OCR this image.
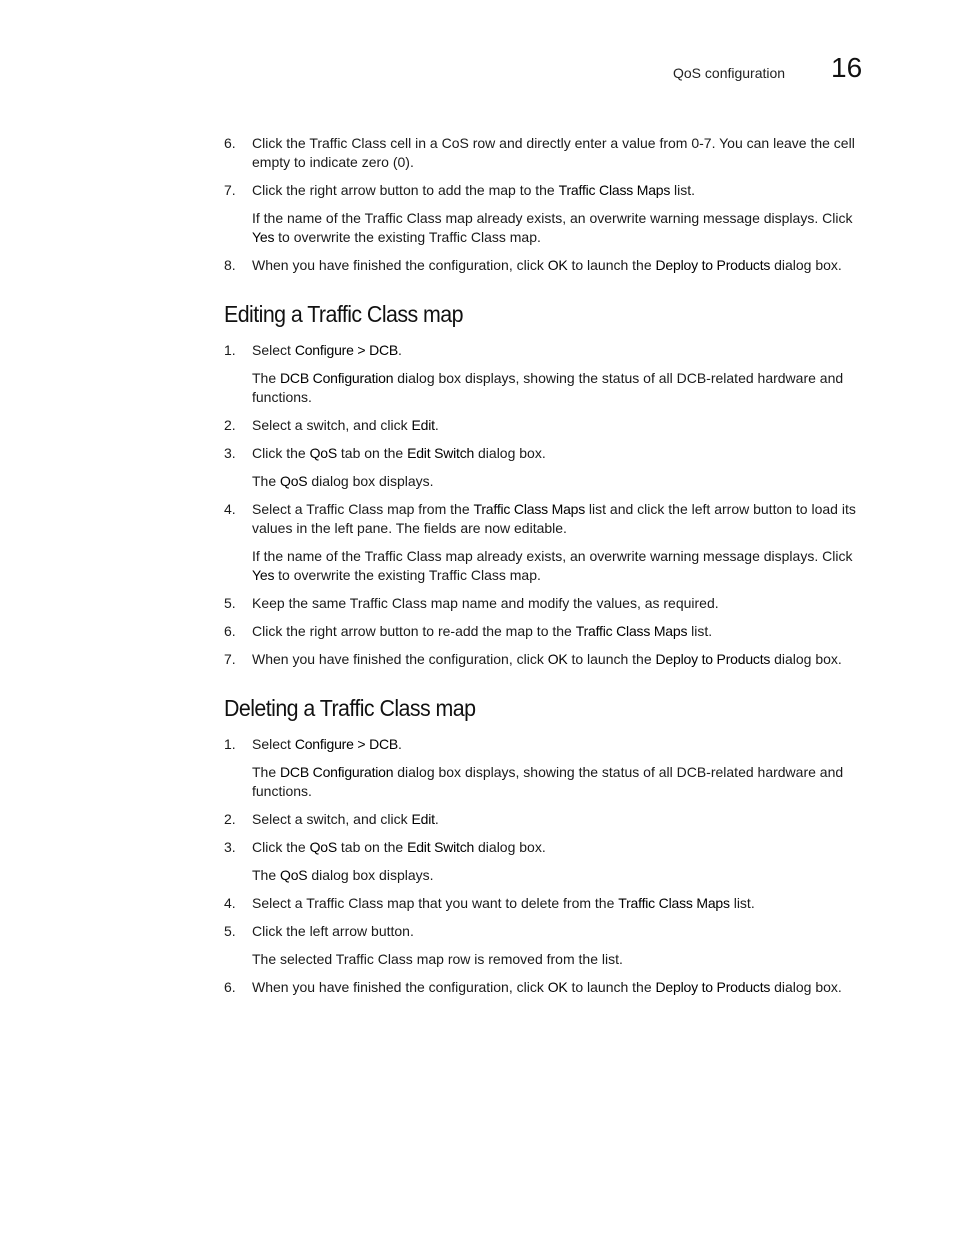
QoS configuration 16
6. Click the Traffic Class cell in a CoS row and directly enter a value from 0-7. You can leave the cell empty to indicate zero (0).
7. Click the right arrow button to add the map to the Traffic Class Maps list.
If the name of the Traffic Class map already exists, an overwrite warning message displays. Click Yes to overwrite the existing Traffic Class map.
8. When you have finished the configuration, click OK to launch the Deploy to Products dialog box.
Editing a Traffic Class map
1. Select Configure > DCB.
The DCB Configuration dialog box displays, showing the status of all DCB-related hardware and functions.
2. Select a switch, and click Edit.
3. Click the QoS tab on the Edit Switch dialog box.
The QoS dialog box displays.
4. Select a Traffic Class map from the Traffic Class Maps list and click the left arrow button to load its values in the left pane. The fields are now editable.
If the name of the Traffic Class map already exists, an overwrite warning message displays. Click Yes to overwrite the existing Traffic Class map.
5. Keep the same Traffic Class map name and modify the values, as required.
6. Click the right arrow button to re-add the map to the Traffic Class Maps list.
7. When you have finished the configuration, click OK to launch the Deploy to Products dialog box.
Deleting a Traffic Class map
1. Select Configure > DCB.
The DCB Configuration dialog box displays, showing the status of all DCB-related hardware and functions.
2. Select a switch, and click Edit.
3. Click the QoS tab on the Edit Switch dialog box.
The QoS dialog box displays.
4. Select a Traffic Class map that you want to delete from the Traffic Class Maps list.
5. Click the left arrow button.
The selected Traffic Class map row is removed from the list.
6. When you have finished the configuration, click OK to launch the Deploy to Products dialog box.
